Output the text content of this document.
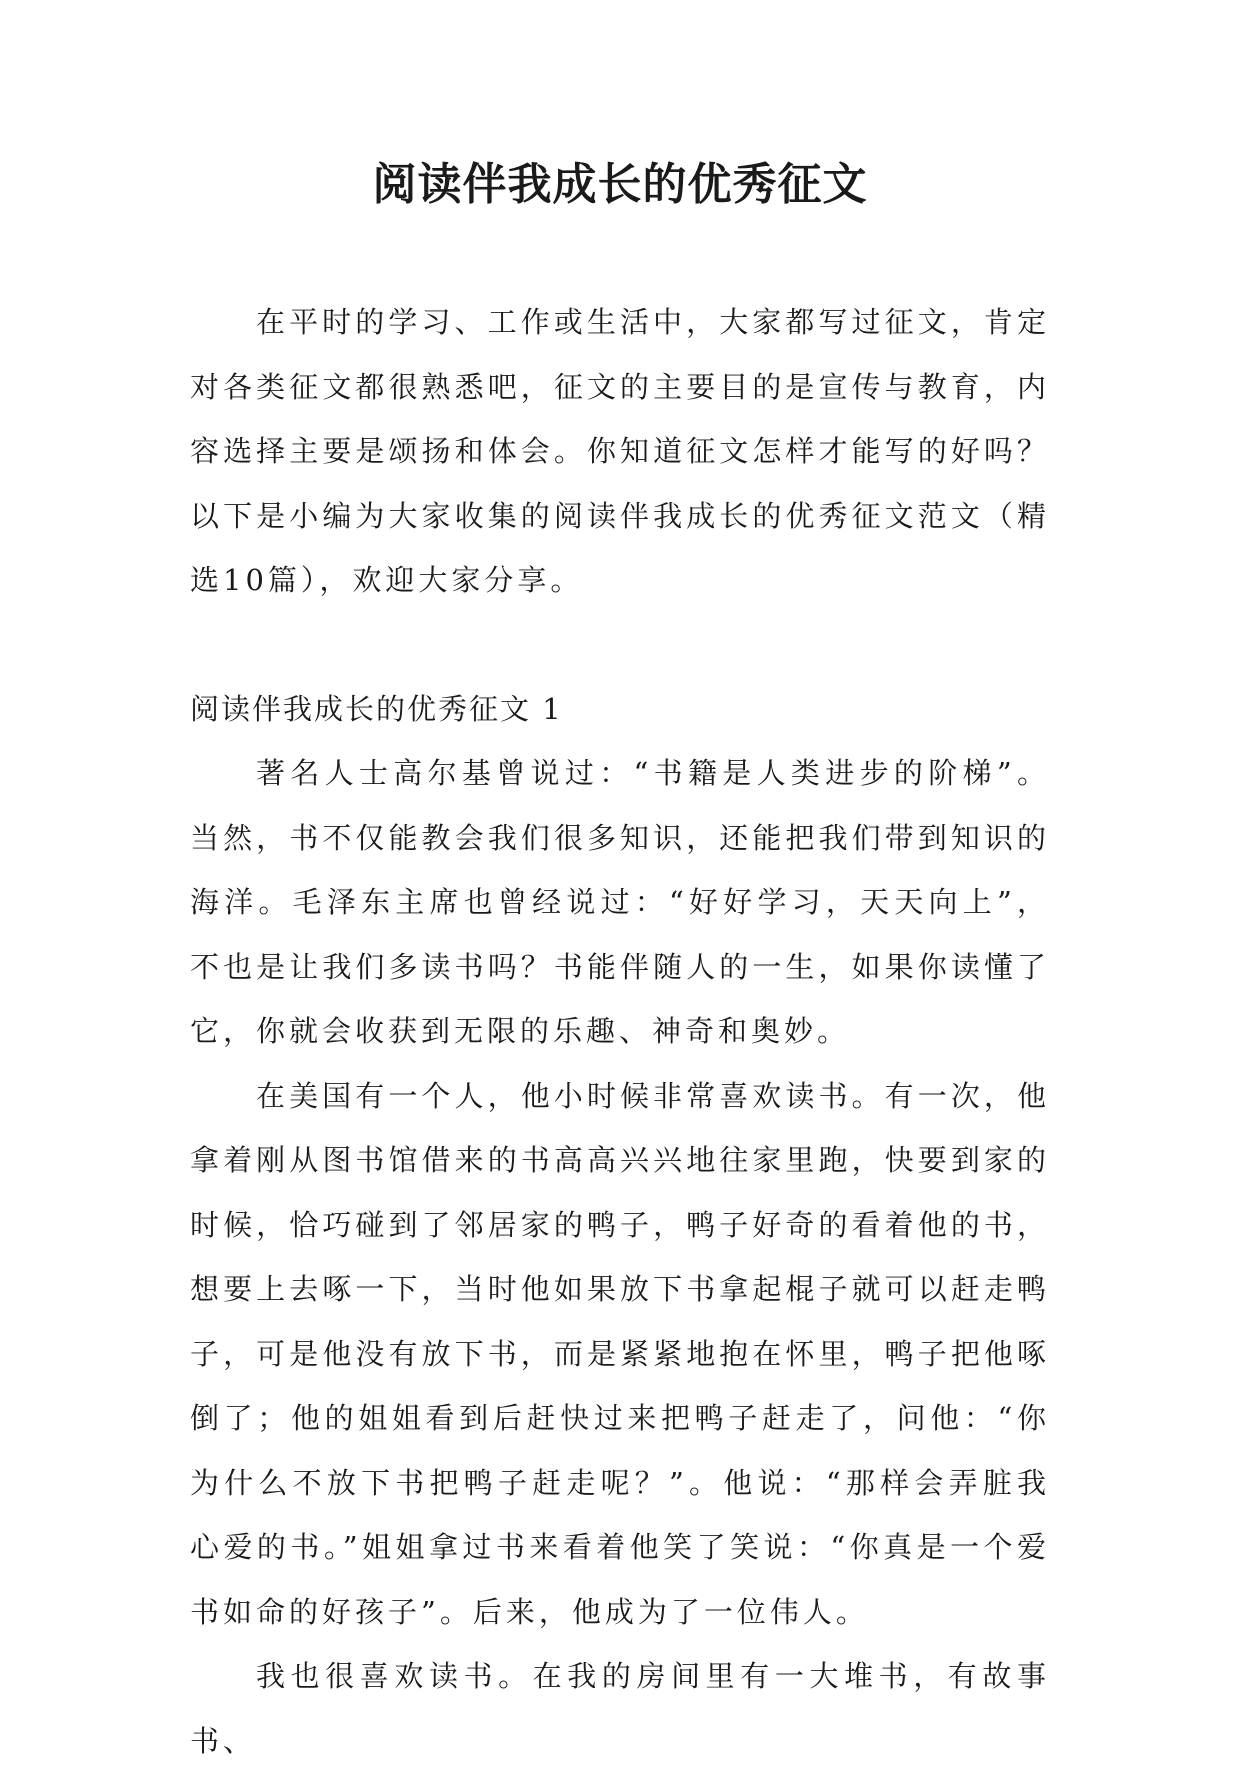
阅读伴我成长的优秀征文

在平时的学习、工作或生活中，大家都写过征文，肯定对各类征文都很熟悉吧，征文的主要目的是宣传与教育，内容选择主要是颂扬和体会。你知道征文怎样才能写的好吗？以下是小编为大家收集的阅读伴我成长的优秀征文范文（精选10篇），欢迎大家分享。

阅读伴我成长的优秀征文 1

著名人士高尔基曾说过：“书籍是人类进步的阶梯”。当然，书不仅能教会我们很多知识，还能把我们带到知识的海洋。毛泽东主席也曾经说过：“好好学习，天天向上”，不也是让我们多读书吗？书能伴随人的一生，如果你读懂了它，你就会收获到无限的乐趣、神奇和奥妙。

在美国有一个人，他小时候非常喜欢读书。有一次，他拿着刚从图书馆借来的书高高兴兴地往家里跑，快要到家的时候，恰巧碰到了邻居家的鸭子，鸭子好奇的看着他的书，想要上去啄一下，当时他如果放下书拿起棍子就可以赶走鸭子，可是他没有放下书，而是紧紧地抱在怀里，鸭子把他啄倒了；他的姐姐看到后赶快过来把鸭子赶走了，问他：“你为什么不放下书把鸭子赶走呢？”。他说：“那样会弄脏我心爱的书。”姐姐拿过书来看着他笑了笑说：“你真是一个爱书如命的好孩子”。后来，他成为了一位伟人。

我也很喜欢读书。在我的房间里有一大堆书，有故事书、
